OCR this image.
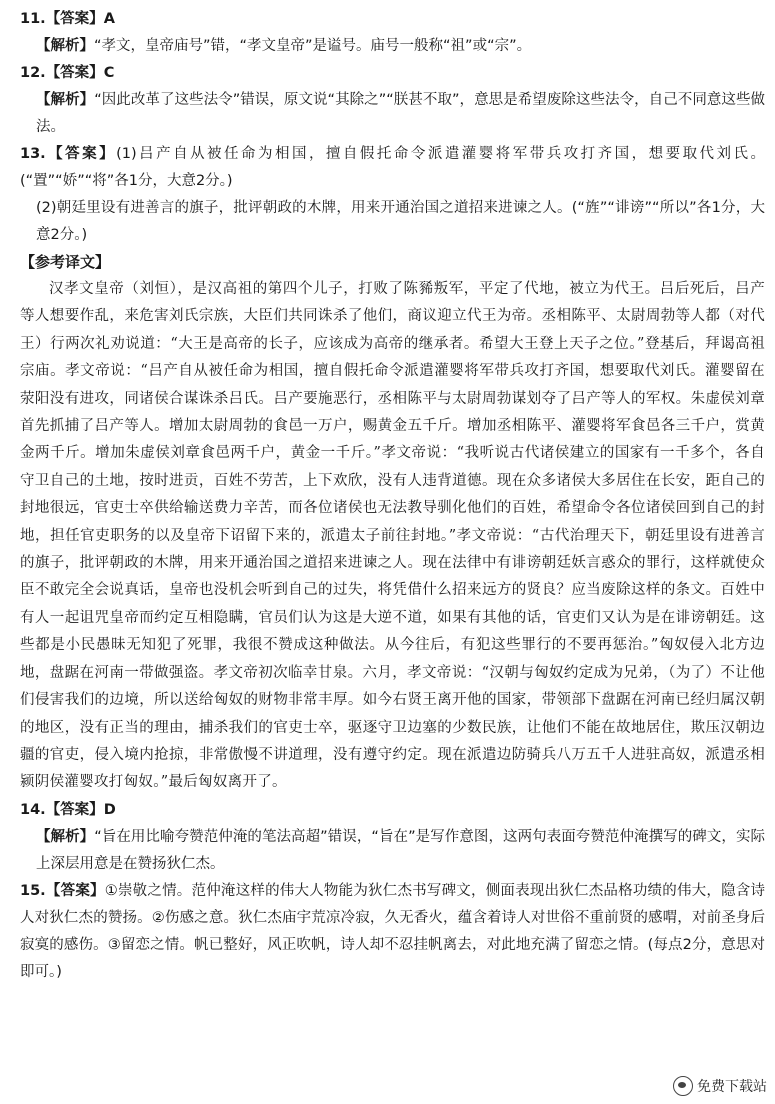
11.【答案】A
【解析】“孝文，皇帝庙号”错，“孝文皇帝”是谥号。庙号一般称“祖”或“宗”。
12.【答案】C
【解析】“因此改革了这些法令”错误，原文说“其除之”“朕甚不取”，意思是希望废除这些法令，自己不同意这些做法。
13.【答案】(1)吕产自从被任命为相国，擅自假托命令派遣灌婴将军带兵攻打齐国，想要取代刘氏。(“置”“娇”“将”各1分，大意2分。)
(2)朝廷里设有进善言的旗子，批评朝政的木牌，用来开通治国之道招来进谏之人。(“旌”“诽谤”“所以”各1分，大意2分。)
【参考译文】
汉孝文皇帝（刘恒），是汉高祖的第四个儿子，打败了陈豨叛军，平定了代地，被立为代王。吕后死后，吕产等人想要作乱，来危害刘氏宗族，大臣们共同诛杀了他们，商议迎立代王为帝。丞相陈平、太尉周勃等人都（对代王）行两次礼劝说道：“大王是高帝的长子，应该成为高帝的继承者。希望大王登上天子之位。”登基后，拜谒高祖宗庙。孝文帝说：“吕产自从被任命为相国，擅自假托命令派遣灌婴将军带兵攻打齐国，想要取代刘氏。灌婴留在荥阳没有进攻，同诸侯合谋诛杀吕氏。吕产要施恶行，丞相陈平与太尉周勃谋划夺了吕产等人的军权。朱虚侯刘章首先抓捕了吕产等人。增加太尉周勃的食邑一万户，赐黄金五千斤。增加丞相陈平、灌婴将军食邑各三千户，赏黄金两千斤。增加朱虚侯刘章食邑两千户，黄金一千斤。”孝文帝说：“我听说古代诸侯建立的国家有一千多个，各自守卫自己的土地，按时进贡，百姓不劳苦，上下欢欣，没有人违背道德。现在众多诸侯大多居住在长安，距自己的封地很远，官吏士卒供给输送费力辛苦，而各位诸侯也无法教导驯化他们的百姓，希望命令各位诸侯回到自己的封地，担任官吏职务的以及皇帝下诏留下来的，派遣太子前往封地。”孝文帝说：“古代治理天下，朝廷里设有进善言的旗子，批评朝政的木牌，用来开通治国之道招来进谏之人。现在法律中有诽谤朝廷妖言惑众的罪行，这样就使众臣不敢完全会说真话，皇帝也没机会听到自己的过失，将凭借什么招来远方的贤良？应当废除这样的条文。百姓中有人一起诅咒皇帝而约定互相隐瞒，官员们认为这是大逆不道，如果有其他的话，官吏们又认为是在诽谤朝廷。这些都是小民愚昧无知犯了死罪，我很不赞成这种做法。从今往后，有犯这些罪行的不要再惩治。”匈奴侵入北方边地，盘踞在河南一带做强盗。孝文帝初次临幸甘泉。六月，孝文帝说：“汉朝与匈奴约定成为兄弟，（为了）不让他们侵害我们的边境，所以送给匈奴的财物非常丰厚。如今右贤王离开他的国家，带领部下盘踞在河南已经归属汉朝的地区，没有正当的理由，捕杀我们的官吏士卒，驱逐守卫边塞的少数民族，让他们不能在故地居住，欺压汉朝边疆的官吏，侵入境内抢掠，非常傲慢不讲道理，没有遵守约定。现在派遣边防骑兵八万五千人进驻高奴，派遣丞相颍阴侯灌婴攻打匈奴。”最后匈奴离开了。
14.【答案】D
【解析】“旨在用比喻夸赞范仲淹的笔法高超”错误，“旨在”是写作意图，这两句表面夸赞范仲淹撰写的碑文，实际上深层用意是在赞扬狄仁杰。
15.【答案】①崇敬之情。范仲淹这样的伟大人物能为狄仁杰书写碑文，侧面表现出狄仁杰品格功绩的伟大，隐含诗人对狄仁杰的赞扬。②伤感之意。狄仁杰庙宇荒凉冷寂，久无香火，蕴含着诗人对世俗不重前贤的感喟，对前圣身后寂寞的感伤。③留恋之情。帆已整好，风正吹帆，诗人却不忍挂帆离去，对此地充满了留恋之情。(每点2分，意思对即可。)
免费下载站
